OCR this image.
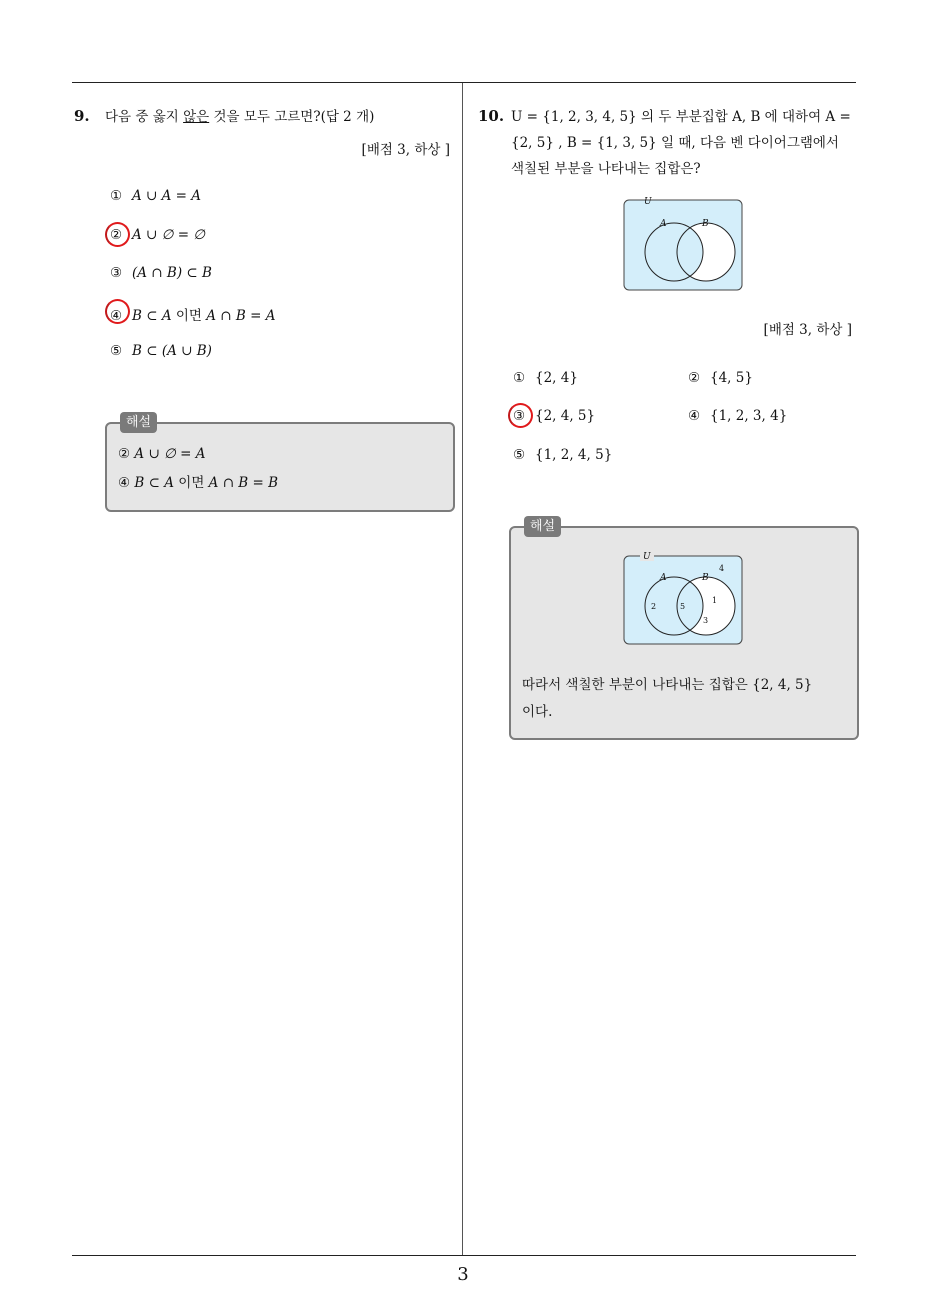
3
9. 다음 중 옳지 않은 것을 모두 고르면?(답 2 개)
[배점 3, 하상 ]
① A ∪ A = A
② A ∪ ∅ = ∅
③ (A ∩ B) ⊂ B
④ B ⊂ A 이면 A ∩ B = A
⑤ B ⊂ (A ∪ B)
해설
② A ∪ ∅ = A
④ B ⊂ A 이면 A ∩ B = B
10. U = {1, 2, 3, 4, 5} 의 두 부분집합 A, B 에 대하여 A =
{2, 5} , B = {1, 3, 5} 일 때, 다음 벤 다이어그램에서
색칠된 부분을 나타내는 집합은?
U
A	B
[배점 3, 하상 ]
① {2, 4}	② {4, 5}
③ {2, 4, 5}	④ {1, 2, 3, 4}
⑤ {1, 2, 4, 5}
해설
U
A	B
4
2	5
1
3
따라서 색칠한 부분이 나타내는 집합은 {2, 4, 5}
이다.
